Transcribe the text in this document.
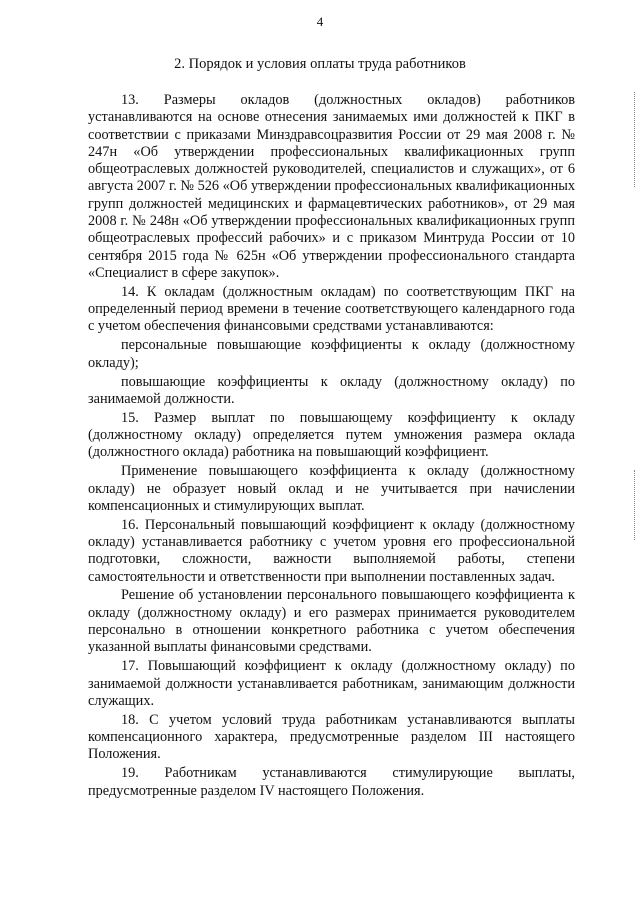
4
2. Порядок и условия оплаты труда работников

13. Размеры окладов (должностных окладов) работников устанавливаются на основе отнесения занимаемых ими должностей к ПКГ в соответствии с приказами Минздравсоцразвития России от 29 мая 2008 г. № 247н «Об утверждении профессиональных квалификационных групп общеотраслевых должностей руководителей, специалистов и служащих», от 6 августа 2007 г. № 526 «Об утверждении профессиональных квалификационных групп должностей медицинских и фармацевтических работников», от 29 мая 2008 г. № 248н «Об утверждении профессиональных квалификационных групп общеотраслевых профессий рабочих» и с приказом Минтруда России от 10 сентября 2015 года № 625н «Об утверждении профессионального стандарта «Специалист в сфере закупок».

14. К окладам (должностным окладам) по соответствующим ПКГ на определенный период времени в течение соответствующего календарного года с учетом обеспечения финансовыми средствами устанавливаются:

персональные повышающие коэффициенты к окладу (должностному окладу);

повышающие коэффициенты к окладу (должностному окладу) по занимаемой должности.

15. Размер выплат по повышающему коэффициенту к окладу (должностному окладу) определяется путем умножения размера оклада (должностного оклада) работника на повышающий коэффициент.

Применение повышающего коэффициента к окладу (должностному окладу) не образует новый оклад и не учитывается при начислении компенсационных и стимулирующих выплат.

16. Персональный повышающий коэффициент к окладу (должностному окладу) устанавливается работнику с учетом уровня его профессиональной подготовки, сложности, важности выполняемой работы, степени самостоятельности и ответственности при выполнении поставленных задач.

Решение об установлении персонального повышающего коэффициента к окладу (должностному окладу) и его размерах принимается руководителем персонально в отношении конкретного работника с учетом обеспечения указанной выплаты финансовыми средствами.

17. Повышающий коэффициент к окладу (должностному окладу) по занимаемой должности устанавливается работникам, занимающим должности служащих.

18. С учетом условий труда работникам устанавливаются выплаты компенсационного характера, предусмотренные разделом III настоящего Положения.

19. Работникам устанавливаются стимулирующие выплаты, предусмотренные разделом IV настоящего Положения.
